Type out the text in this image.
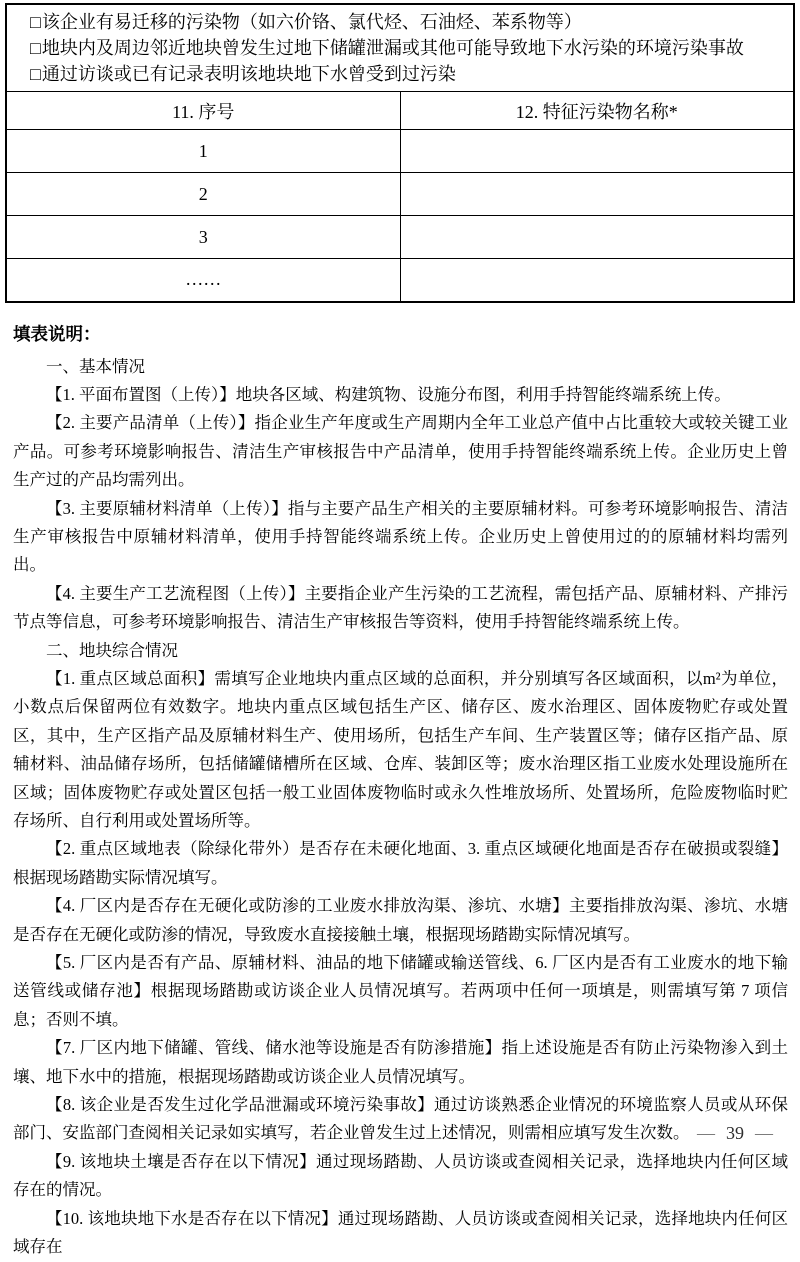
□该企业有易迁移的污染物（如六价铬、氯代烃、石油烃、苯系物等）
□地块内及周边邻近地块曾发生过地下储罐泄漏或其他可能导致地下水污染的环境污染事故
□通过访谈或已有记录表明该地块地下水曾受到过污染	

11. 序号	12. 特征污染物名称*
1	
2	
3	
……	
填表说明：
一、基本情况
【1. 平面布置图（上传）】地块各区域、构建筑物、设施分布图，利用手持智能终端系统上传。
【2. 主要产品清单（上传）】指企业生产年度或生产周期内全年工业总产值中占比重较大或较关键工业产品。可参考环境影响报告、清洁生产审核报告中产品清单，使用手持智能终端系统上传。企业历史上曾生产过的产品均需列出。
【3. 主要原辅材料清单（上传）】指与主要产品生产相关的主要原辅材料。可参考环境影响报告、清洁生产审核报告中原辅材料清单，使用手持智能终端系统上传。企业历史上曾使用过的的原辅材料均需列出。
【4. 主要生产工艺流程图（上传）】主要指企业产生污染的工艺流程，需包括产品、原辅材料、产排污节点等信息，可参考环境影响报告、清洁生产审核报告等资料，使用手持智能终端系统上传。
二、地块综合情况
【1. 重点区域总面积】需填写企业地块内重点区域的总面积，并分别填写各区域面积，以m²为单位，小数点后保留两位有效数字。地块内重点区域包括生产区、储存区、废水治理区、固体废物贮存或处置区，其中，生产区指产品及原辅材料生产、使用场所，包括生产车间、生产装置区等；储存区指产品、原辅材料、油品储存场所，包括储罐储槽所在区域、仓库、装卸区等；废水治理区指工业废水处理设施所在区域；固体废物贮存或处置区包括一般工业固体废物临时或永久性堆放场所、处置场所，危险废物临时贮存场所、自行利用或处置场所等。
【2. 重点区域地表（除绿化带外）是否存在未硬化地面、3. 重点区域硬化地面是否存在破损或裂缝】根据现场踏勘实际情况填写。
【4. 厂区内是否存在无硬化或防渗的工业废水排放沟渠、渗坑、水塘】主要指排放沟渠、渗坑、水塘是否存在无硬化或防渗的情况，导致废水直接接触土壤，根据现场踏勘实际情况填写。
【5. 厂区内是否有产品、原辅材料、油品的地下储罐或输送管线、6. 厂区内是否有工业废水的地下输送管线或储存池】根据现场踏勘或访谈企业人员情况填写。若两项中任何一项填是，则需填写第 7 项信息；否则不填。
【7. 厂区内地下储罐、管线、储水池等设施是否有防渗措施】指上述设施是否有防止污染物渗入到土壤、地下水中的措施，根据现场踏勘或访谈企业人员情况填写。
【8. 该企业是否发生过化学品泄漏或环境污染事故】通过访谈熟悉企业情况的环境监察人员或从环保部门、安监部门查阅相关记录如实填写，若企业曾发生过上述情况，则需相应填写发生次数。
【9. 该地块土壤是否存在以下情况】通过现场踏勘、人员访谈或查阅相关记录，选择地块内任何区域存在的情况。
【10. 该地块地下水是否存在以下情况】通过现场踏勘、人员访谈或查阅相关记录，选择地块内任何区域存在
— 39 —
